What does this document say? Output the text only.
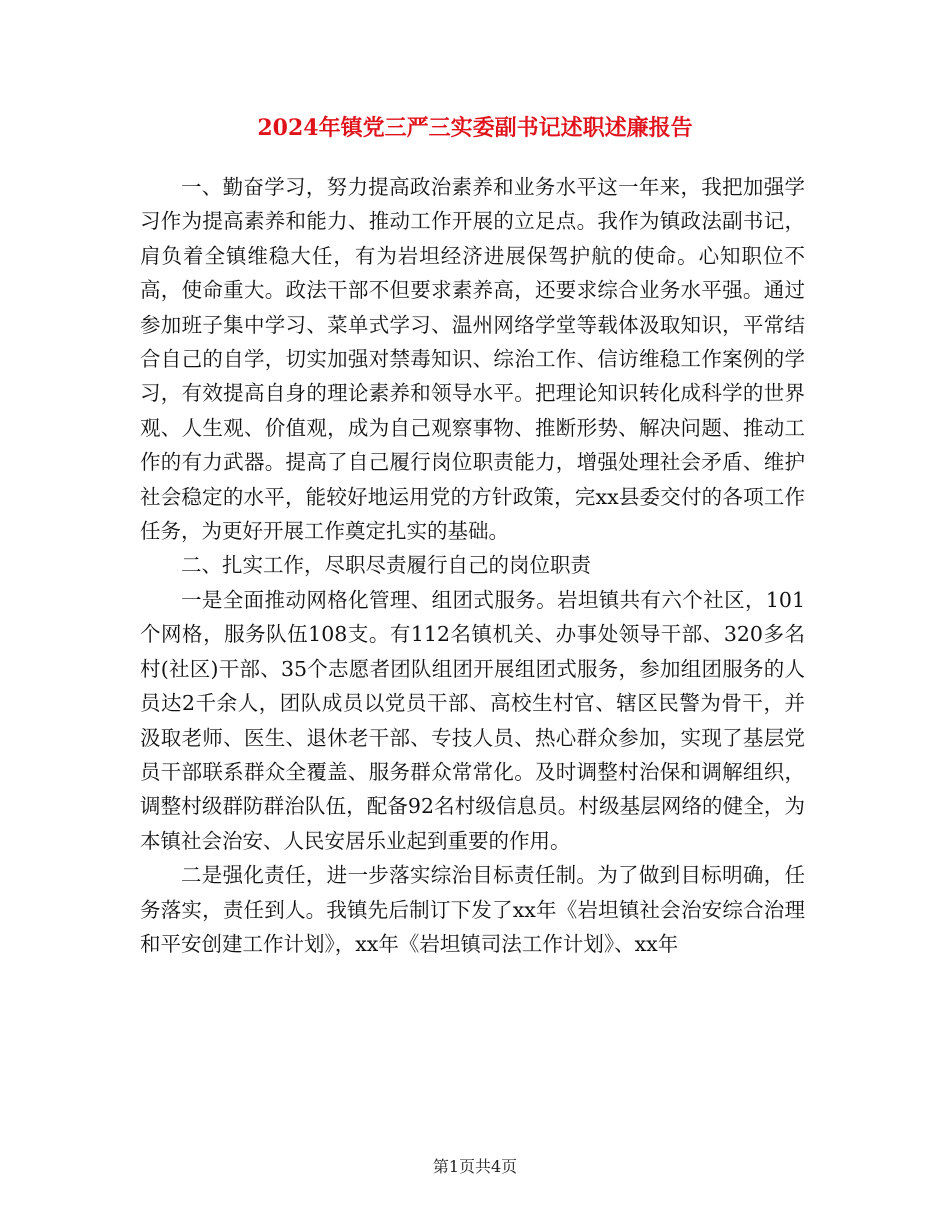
2024年镇党三严三实委副书记述职述廉报告

一、勤奋学习，努力提高政治素养和业务水平这一年来，我把加强学习作为提高素养和能力、推动工作开展的立足点。我作为镇政法副书记，肩负着全镇维稳大任，有为岩坦经济进展保驾护航的使命。心知职位不高，使命重大。政法干部不但要求素养高，还要求综合业务水平强。通过参加班子集中学习、菜单式学习、温州网络学堂等载体汲取知识，平常结合自己的自学，切实加强对禁毒知识、综治工作、信访维稳工作案例的学习，有效提高自身的理论素养和领导水平。把理论知识转化成科学的世界观、人生观、价值观，成为自己观察事物、推断形势、解决问题、推动工作的有力武器。提高了自己履行岗位职责能力，增强处理社会矛盾、维护社会稳定的水平，能较好地运用党的方针政策，完xx县委交付的各项工作任务，为更好开展工作奠定扎实的基础。

二、扎实工作，尽职尽责履行自己的岗位职责

一是全面推动网格化管理、组团式服务。岩坦镇共有六个社区，101个网格，服务队伍108支。有112名镇机关、办事处领导干部、320多名村(社区)干部、35个志愿者团队组团开展组团式服务，参加组团服务的人员达2千余人，团队成员以党员干部、高校生村官、辖区民警为骨干，并汲取老师、医生、退休老干部、专技人员、热心群众参加，实现了基层党员干部联系群众全覆盖、服务群众常常化。及时调整村治保和调解组织，调整村级群防群治队伍，配备92名村级信息员。村级基层网络的健全，为本镇社会治安、人民安居乐业起到重要的作用。

二是强化责任，进一步落实综治目标责任制。为了做到目标明确，任务落实，责任到人。我镇先后制订下发了xx年《岩坦镇社会治安综合治理和平安创建工作计划》，xx年《岩坦镇司法工作计划》、xx年

第1页共4页
